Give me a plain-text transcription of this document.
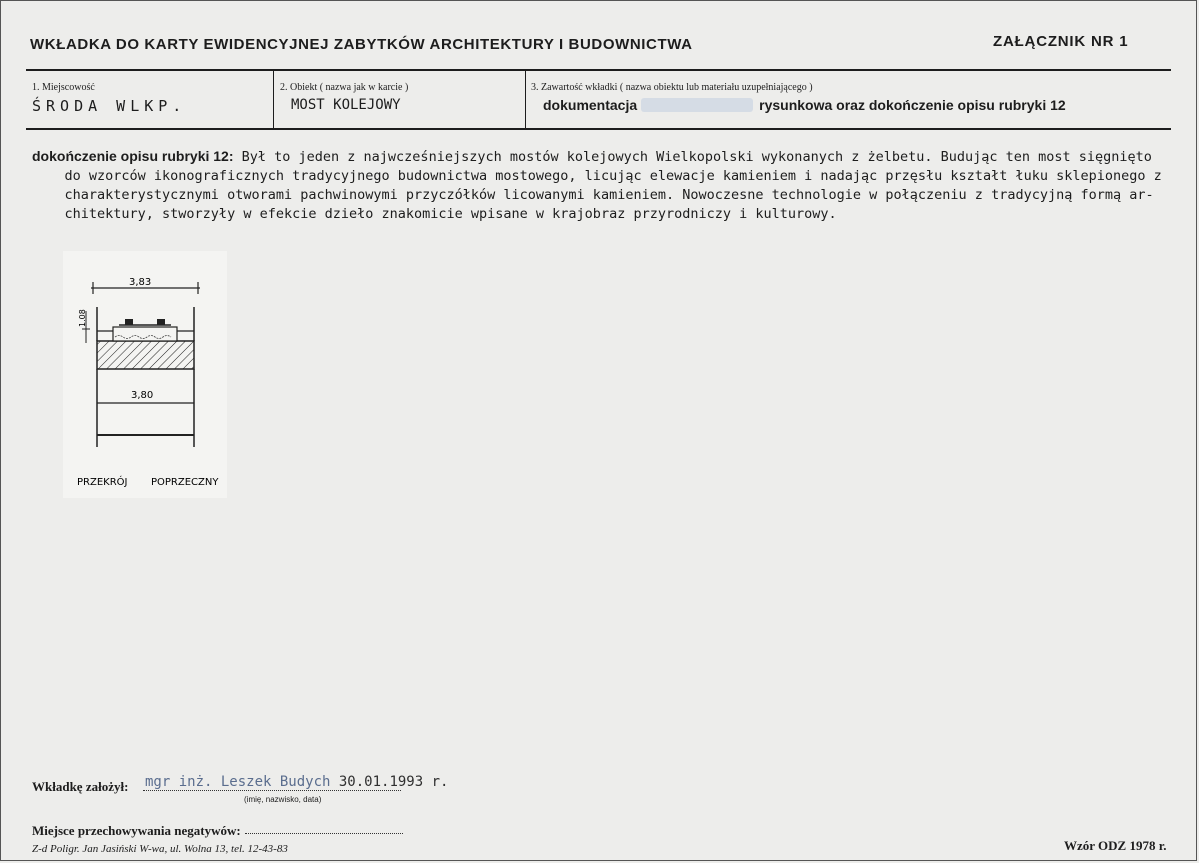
WKŁADKA DO KARTY EWIDENCYJNEJ ZABYTKÓW ARCHITEKTURY I BUDOWNICTWA	ZAŁĄCZNIK NR 1
1. Miejscowość
ŚRODA WLKP.
2. Obiekt ( nazwa jak w karcie )
MOST KOLEJOWY
3. Zawartość wkładki ( nazwa obiektu lub materiału uzupełniającego )
dokumentacja	rysunkowa oraz dokończenie opisu rubryki 12
dokończenie opisu rubryki 12: Był to jeden z najwcześniejszych mostów kolejowych Wielkopolski wykonanych z żelbetu. Budując ten most sięgnięto
do wzorców ikonograficznych tradycyjnego budownictwa mostowego, licując elewacje kamieniem i nadając przęsłu kształt łuku sklepionego z
charakterystycznymi otworami pachwinowymi przyczółków licowanymi kamieniem. Nowoczesne technologie w połączeniu z tradycyjną formą ar-
chitektury, stworzyły w efekcie dzieło znakomicie wpisane w krajobraz przyrodniczy i kulturowy.
3,83
1.08
3,80
PRZEKRÓJ POPRZECZNY
Wkładkę założył: mgr inż. Leszek Budych 30.01.1993 r.
(imię, nazwisko, data)
Miejsce przechowywania negatywów:
Z-d Poligr. Jan Jasiński W-wa, ul. Wolna 13, tel. 12-43-83	Wzór ODZ 1978 r.
